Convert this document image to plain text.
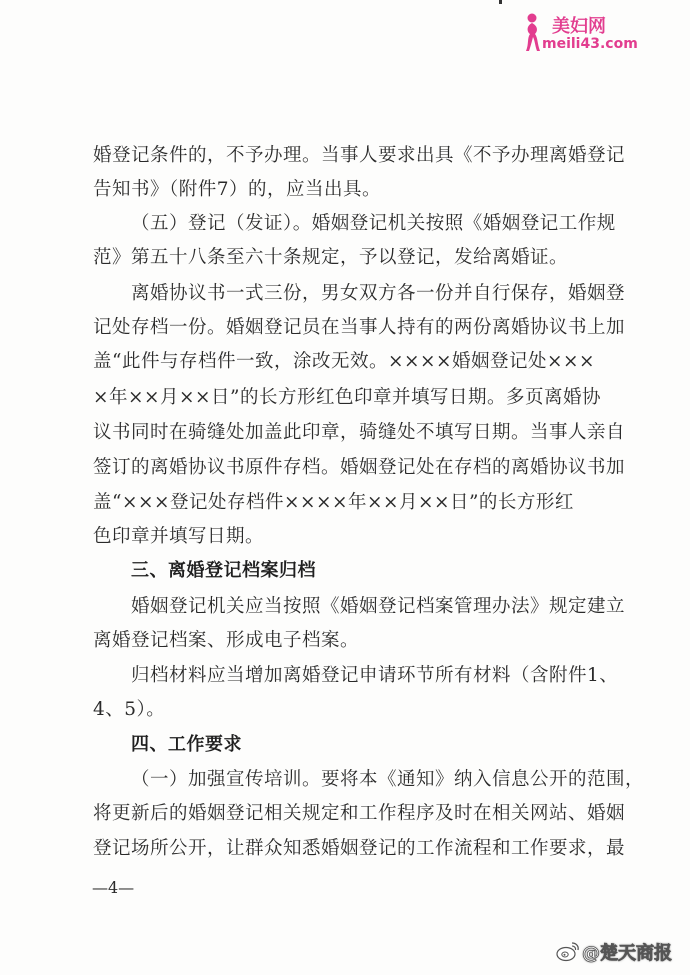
美妇网
meili43.com
婚登记条件的，不予办理。当事人要求出具《不予办理离婚登记
告知书》（附件7）的，应当出具。
（五）登记（发证）。婚姻登记机关按照《婚姻登记工作规
范》第五十八条至六十条规定，予以登记，发给离婚证。
离婚协议书一式三份，男女双方各一份并自行保存，婚姻登
记处存档一份。婚姻登记员在当事人持有的两份离婚协议书上加
盖“此件与存档件一致，涂改无效。××××婚姻登记处×××
×年××月××日”的长方形红色印章并填写日期。多页离婚协
议书同时在骑缝处加盖此印章，骑缝处不填写日期。当事人亲自
签订的离婚协议书原件存档。婚姻登记处在存档的离婚协议书加
盖“×××登记处存档件××××年××月××日”的长方形红
色印章并填写日期。
三、离婚登记档案归档
婚姻登记机关应当按照《婚姻登记档案管理办法》规定建立
离婚登记档案、形成电子档案。
归档材料应当增加离婚登记申请环节所有材料（含附件1、
4、5）。
四、工作要求
（一）加强宣传培训。要将本《通知》纳入信息公开的范围，
将更新后的婚姻登记相关规定和工作程序及时在相关网站、婚姻
登记场所公开，让群众知悉婚姻登记的工作流程和工作要求，最
—4—
@楚天商报
